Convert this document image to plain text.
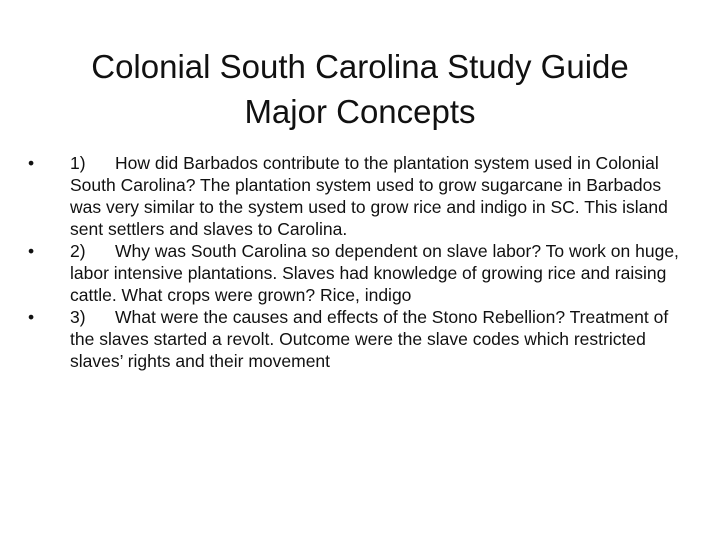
Colonial South Carolina Study Guide
Major Concepts
•	1) How did Barbados contribute to the plantation system used in Colonial South Carolina? The plantation system used to grow sugarcane in Barbados was very similar to the system used to grow rice and indigo in SC. This island sent settlers and slaves to Carolina.
•	2) Why was South Carolina so dependent on slave labor? To work on huge, labor intensive plantations. Slaves had knowledge of growing rice and raising cattle. What crops were grown? Rice, indigo
•	3) What were the causes and effects of the Stono Rebellion? Treatment of the slaves started a revolt. Outcome were the slave codes which restricted slaves’ rights and their movement
